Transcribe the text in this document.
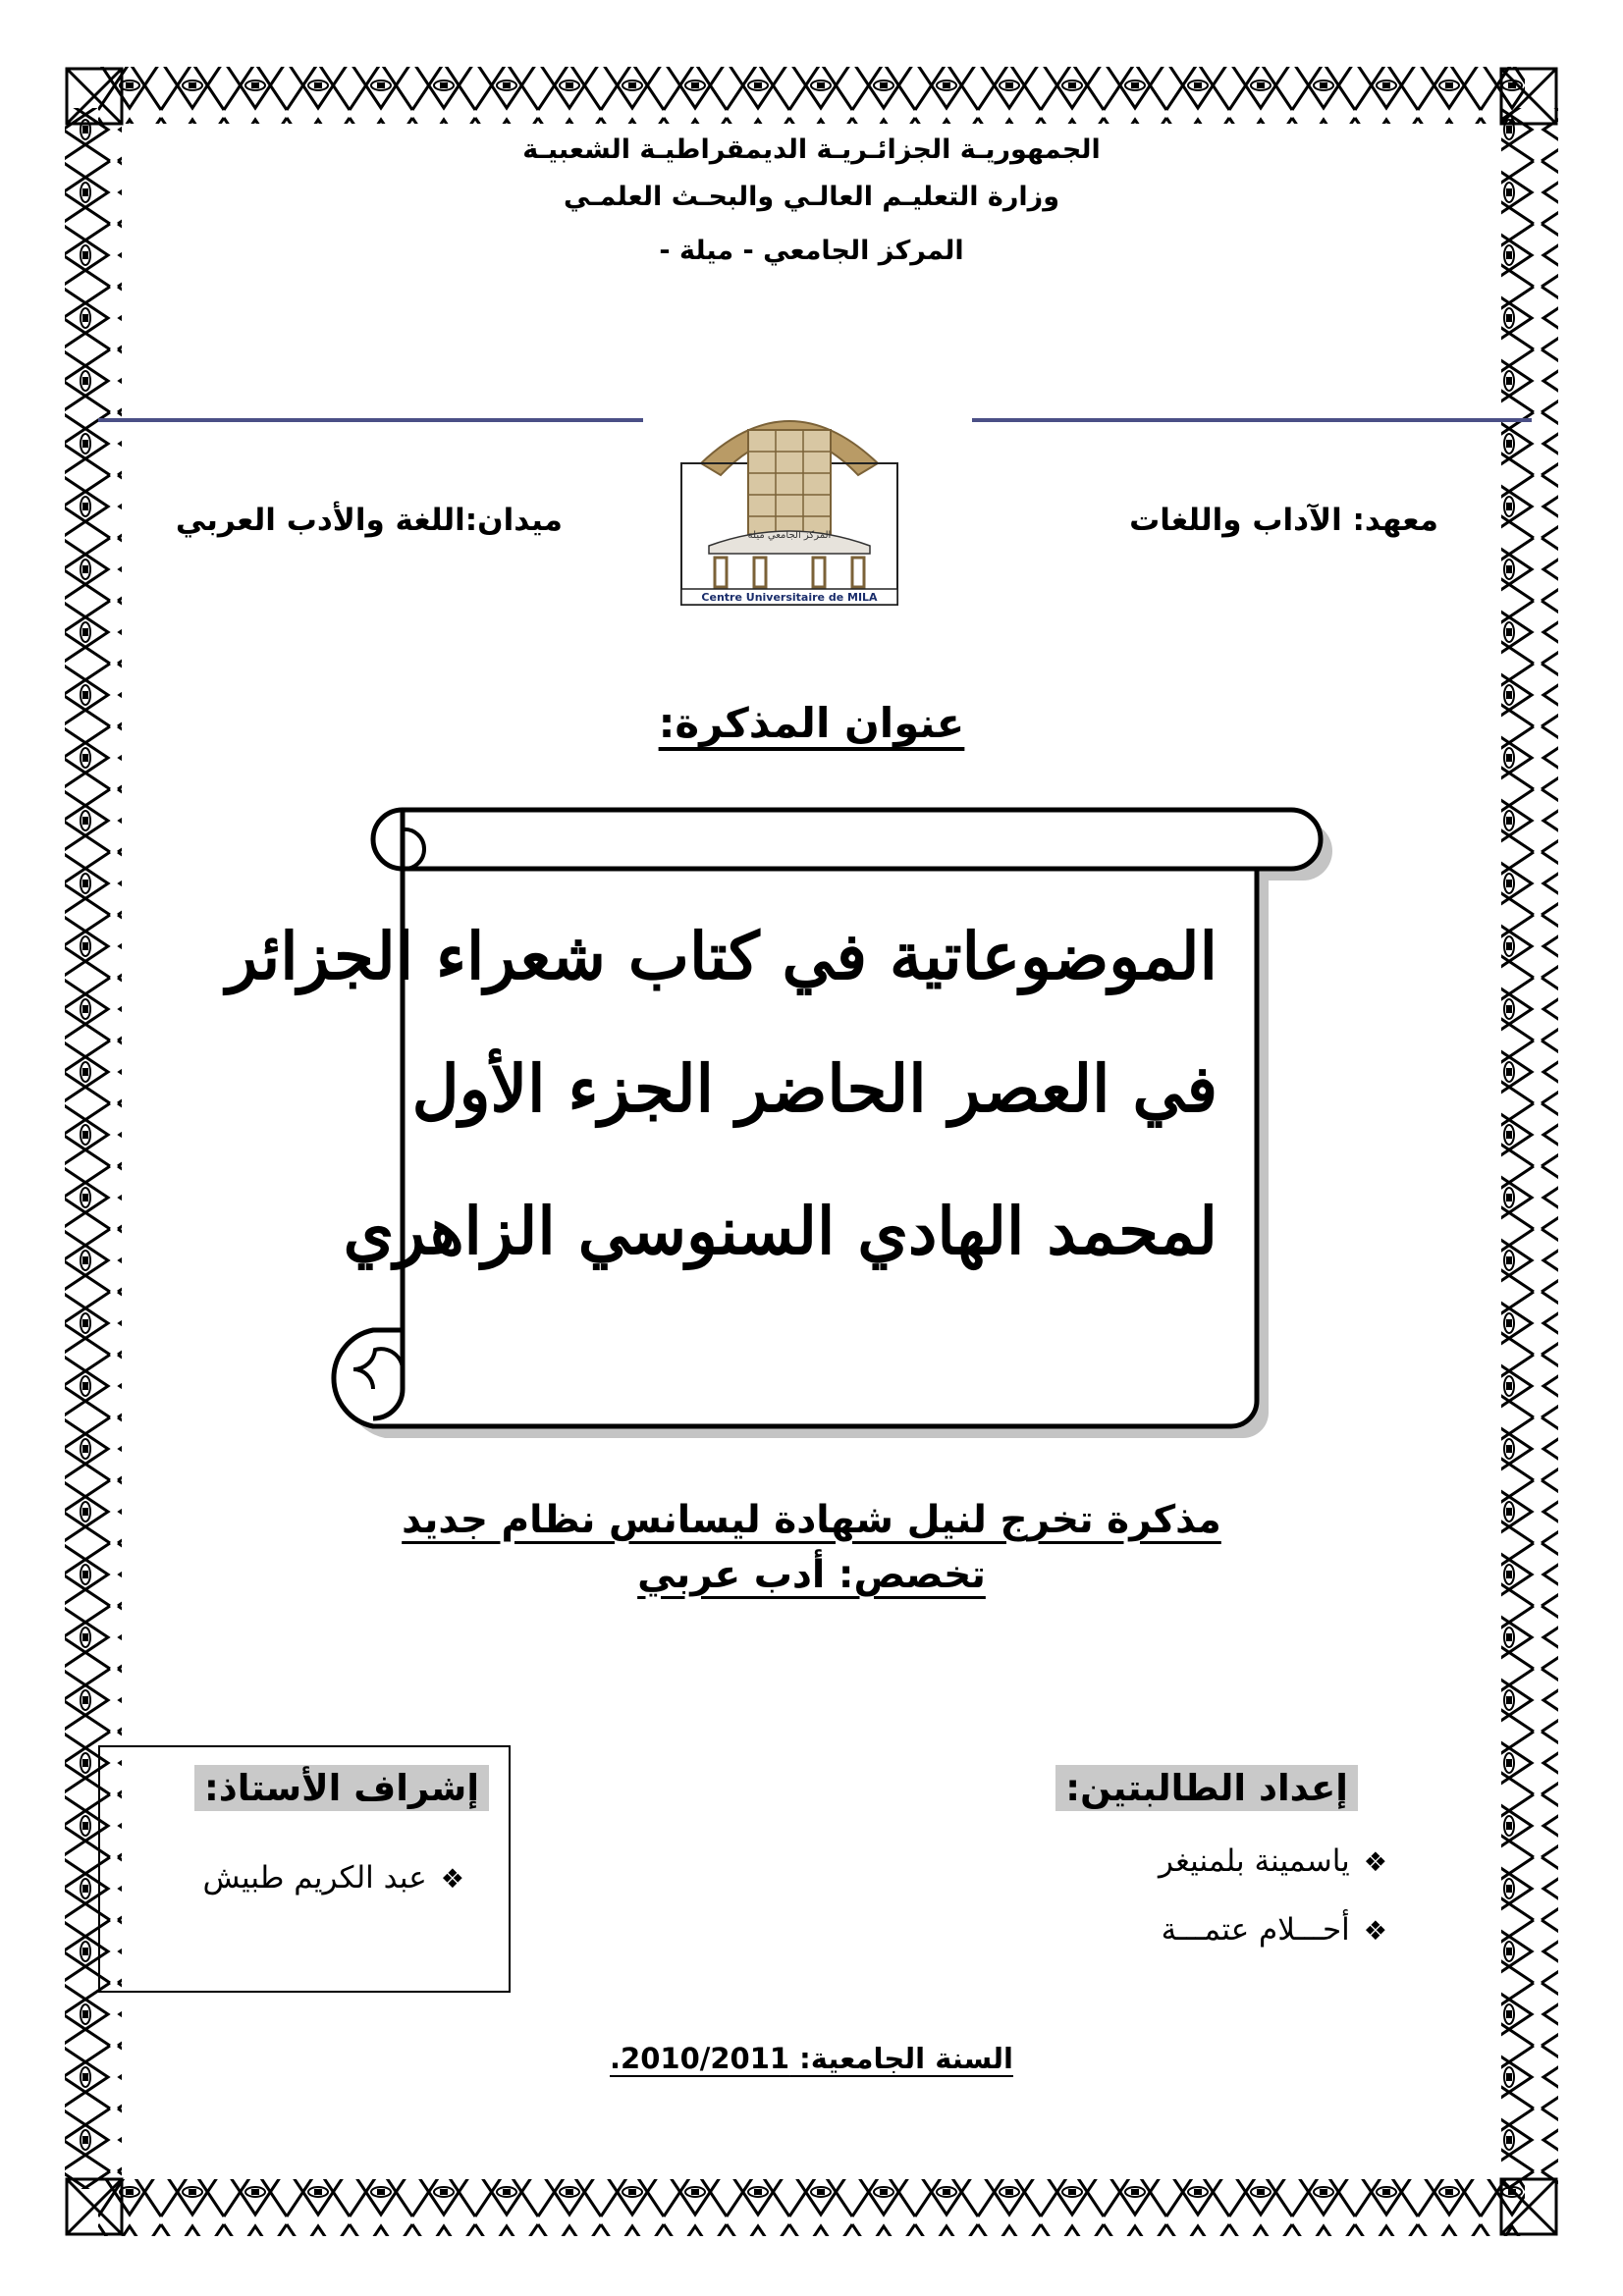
الجمهوريـة الجزائـريـة الديمقراطيـة الشعبيـة
وزارة التعليـم العالـي والبحـث العلمـي
المركز الجامعي - ميلة -
المركز الجامعي ميلة
Centre Universitaire de MILA
معهد: الآداب واللغات
ميدان:اللغة والأدب العربي
عنوان المذكرة:
الموضوعاتية في كتاب شعراء الجزائر
في العصر الحاضر الجزء الأول
لمحمد الهادي السنوسي الزاهري
مذكرة تخرج لنيل شهادة ليسانس نظام جديد
تخصص: أدب عربي
إشراف الأستاذ:
❖عبد الكريم طبيش
إعداد الطالبتين:
❖ياسمينة بلمنيغر
❖أحـــلام عتمـــة
السنة الجامعية: 2010/2011.
